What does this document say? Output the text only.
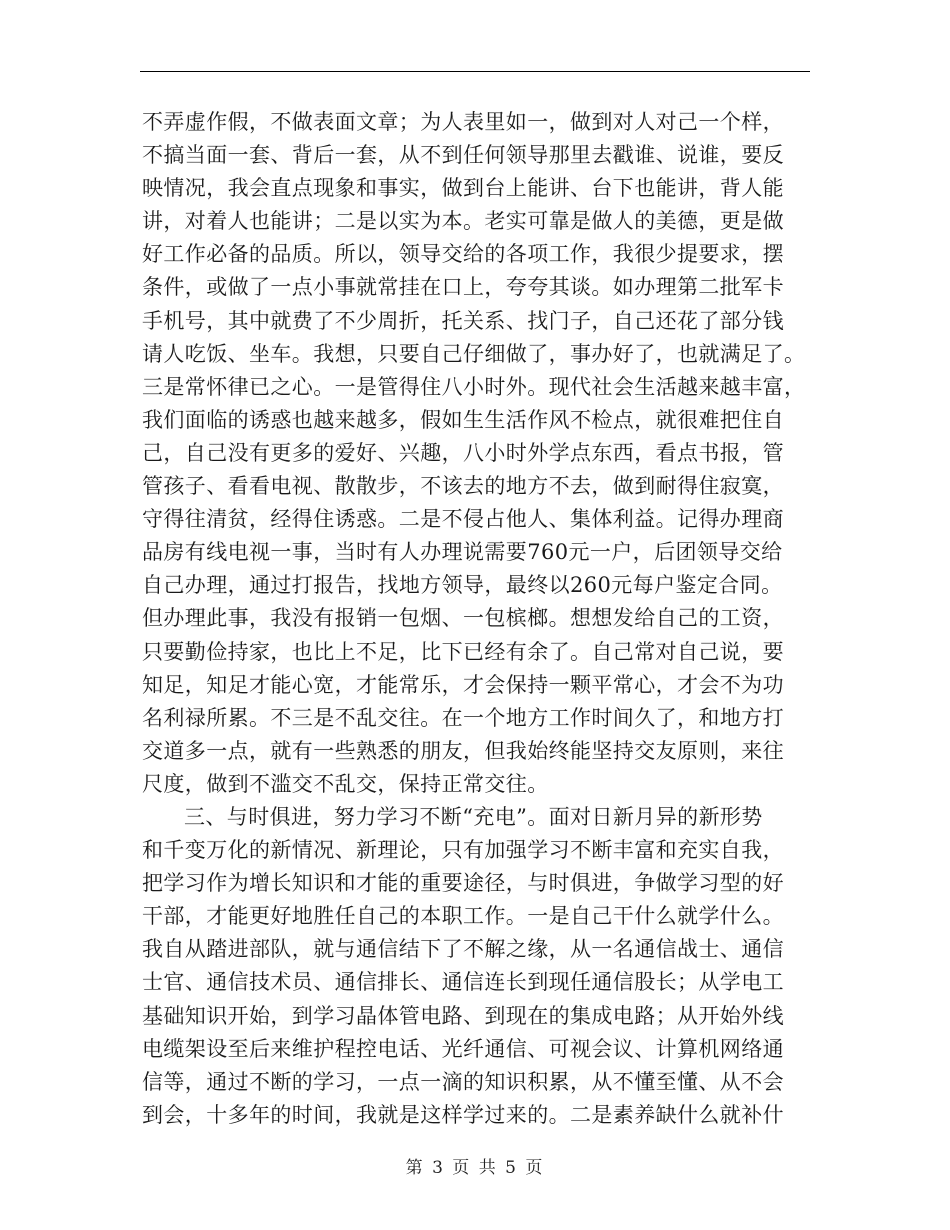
不弄虚作假，不做表面文章；为人表里如一，做到对人对己一个样，
不搞当面一套、背后一套，从不到任何领导那里去戳谁、说谁，要反
映情况，我会直点现象和事实，做到台上能讲、台下也能讲，背人能
讲，对着人也能讲；二是以实为本。老实可靠是做人的美德，更是做
好工作必备的品质。所以，领导交给的各项工作，我很少提要求，摆
条件，或做了一点小事就常挂在口上，夸夸其谈。如办理第二批军卡
手机号，其中就费了不少周折，托关系、找门子，自己还花了部分钱
请人吃饭、坐车。我想，只要自己仔细做了，事办好了，也就满足了。
三是常怀律已之心。一是管得住八小时外。现代社会生活越来越丰富，
我们面临的诱惑也越来越多，假如生生活作风不检点，就很难把住自
己，自己没有更多的爱好、兴趣，八小时外学点东西，看点书报，管
管孩子、看看电视、散散步，不该去的地方不去，做到耐得住寂寞，
守得往清贫，经得住诱惑。二是不侵占他人、集体利益。记得办理商
品房有线电视一事，当时有人办理说需要760元一户，后团领导交给
自己办理，通过打报告，找地方领导，最终以260元每户鉴定合同。
但办理此事，我没有报销一包烟、一包槟榔。想想发给自己的工资，
只要勤俭持家，也比上不足，比下已经有余了。自己常对自己说，要
知足，知足才能心宽，才能常乐，才会保持一颗平常心，才会不为功
名利禄所累。不三是不乱交往。在一个地方工作时间久了，和地方打
交道多一点，就有一些熟悉的朋友，但我始终能坚持交友原则，来往
尺度，做到不滥交不乱交，保持正常交往。
三、与时俱进，努力学习不断“充电”。面对日新月异的新形势
和千变万化的新情况、新理论，只有加强学习不断丰富和充实自我，
把学习作为增长知识和才能的重要途径，与时俱进，争做学习型的好
干部，才能更好地胜任自己的本职工作。一是自己干什么就学什么。
我自从踏进部队，就与通信结下了不解之缘，从一名通信战士、通信
士官、通信技术员、通信排长、通信连长到现任通信股长；从学电工
基础知识开始，到学习晶体管电路、到现在的集成电路；从开始外线
电缆架设至后来维护程控电话、光纤通信、可视会议、计算机网络通
信等，通过不断的学习，一点一滴的知识积累，从不懂至懂、从不会
到会，十多年的时间，我就是这样学过来的。二是素养缺什么就补什
第 3 页 共 5 页
